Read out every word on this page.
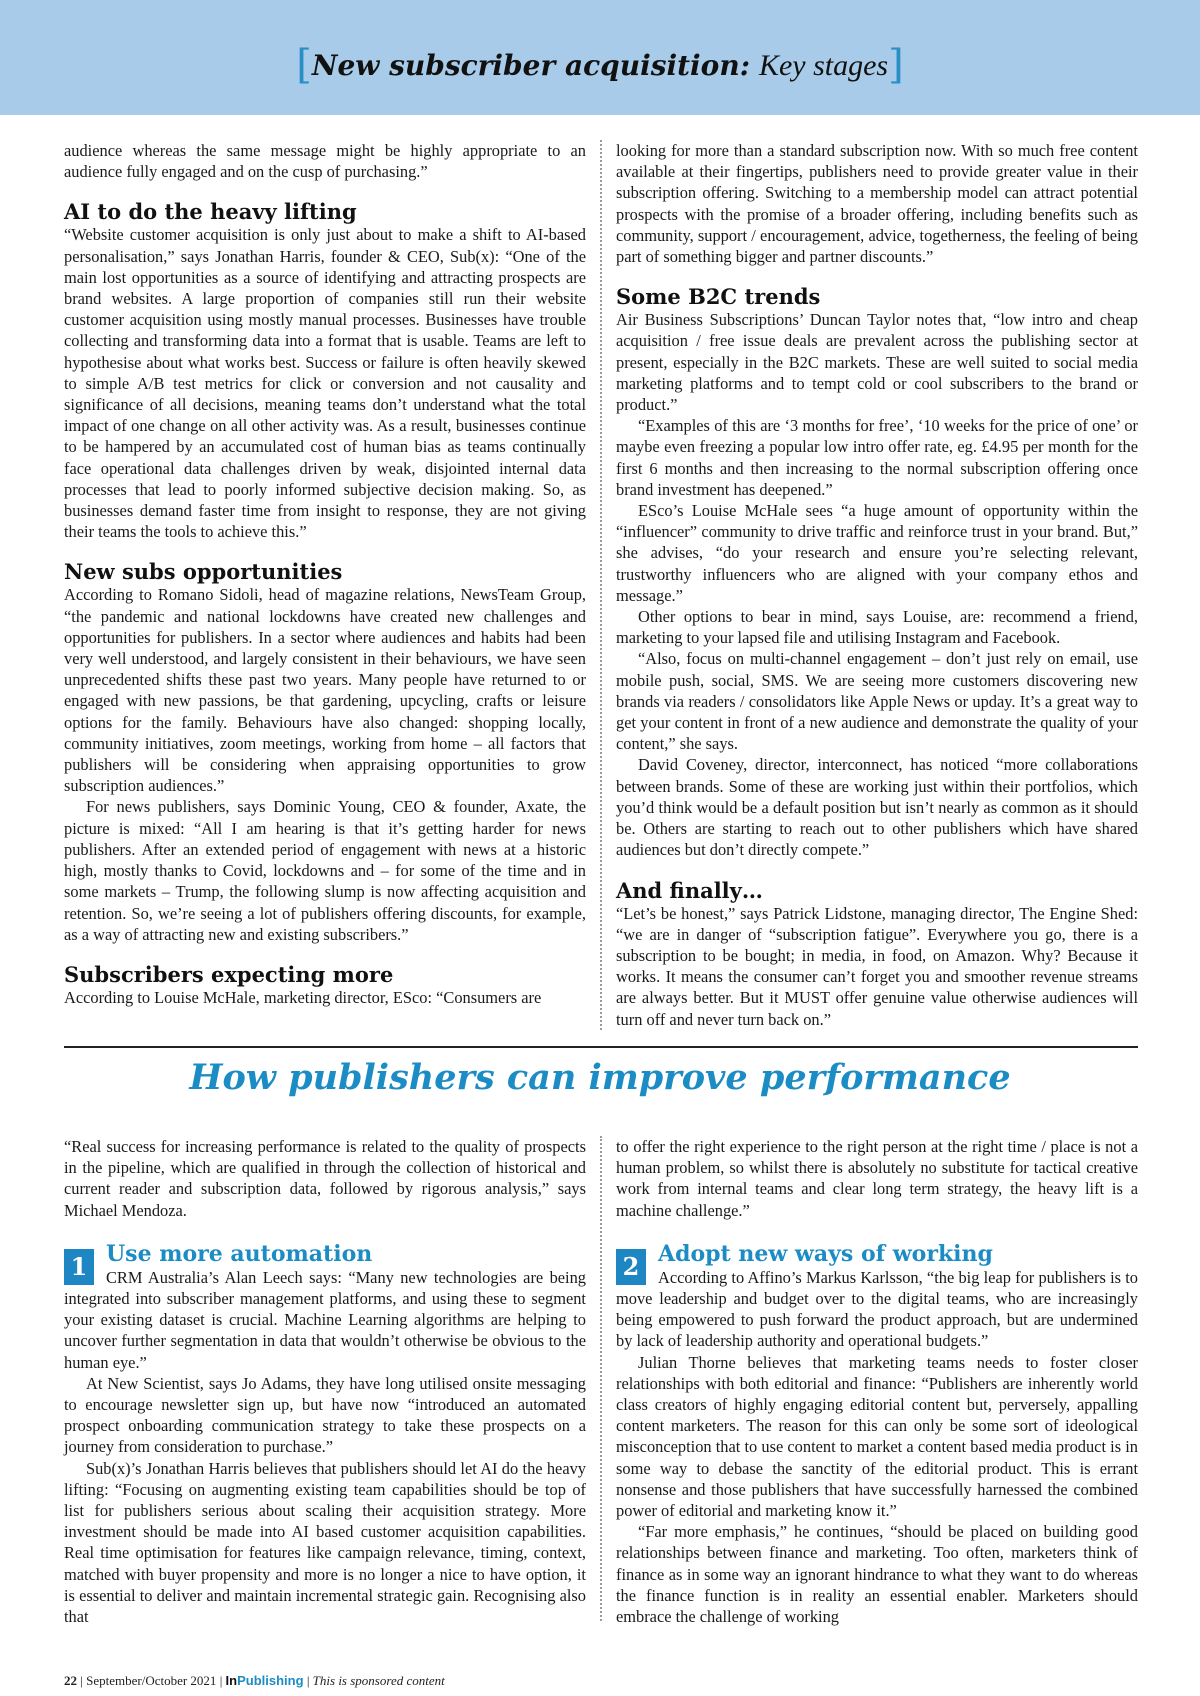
[New subscriber acquisition: Key stages]

audience whereas the same message might be highly appropriate to an audience fully engaged and on the cusp of purchasing.”

AI to do the heavy lifting

“Website customer acquisition is only just about to make a shift to AI-based personalisation,” says Jonathan Harris, founder & CEO, Sub(x): “One of the main lost opportunities as a source of identifying and attracting prospects are brand websites. A large proportion of companies still run their website customer acquisition using mostly manual processes. Businesses have trouble collecting and transforming data into a format that is usable. Teams are left to hypothesise about what works best. Success or failure is often heavily skewed to simple A/B test metrics for click or conversion and not causality and significance of all decisions, meaning teams don’t understand what the total impact of one change on all other activity was. As a result, businesses continue to be hampered by an accumulated cost of human bias as teams continually face operational data challenges driven by weak, disjointed internal data processes that lead to poorly informed subjective decision making. So, as businesses demand faster time from insight to response, they are not giving their teams the tools to achieve this.”

New subs opportunities

According to Romano Sidoli, head of magazine relations, NewsTeam Group, “the pandemic and national lockdowns have created new challenges and opportunities for publishers. In a sector where audiences and habits had been very well understood, and largely consistent in their behaviours, we have seen unprecedented shifts these past two years. Many people have returned to or engaged with new passions, be that gardening, upcycling, crafts or leisure options for the family. Behaviours have also changed: shopping locally, community initiatives, zoom meetings, working from home – all factors that publishers will be considering when appraising opportunities to grow subscription audiences.”

For news publishers, says Dominic Young, CEO & founder, Axate, the picture is mixed: “All I am hearing is that it’s getting harder for news publishers. After an extended period of engagement with news at a historic high, mostly thanks to Covid, lockdowns and – for some of the time and in some markets – Trump, the following slump is now affecting acquisition and retention. So, we’re seeing a lot of publishers offering discounts, for example, as a way of attracting new and existing subscribers.”

Subscribers expecting more

According to Louise McHale, marketing director, ESco: “Consumers are

looking for more than a standard subscription now. With so much free content available at their fingertips, publishers need to provide greater value in their subscription offering. Switching to a membership model can attract potential prospects with the promise of a broader offering, including benefits such as community, support / encouragement, advice, togetherness, the feeling of being part of something bigger and partner discounts.”

Some B2C trends

Air Business Subscriptions’ Duncan Taylor notes that, “low intro and cheap acquisition / free issue deals are prevalent across the publishing sector at present, especially in the B2C markets. These are well suited to social media marketing platforms and to tempt cold or cool subscribers to the brand or product.”

“Examples of this are ‘3 months for free’, ‘10 weeks for the price of one’ or maybe even freezing a popular low intro offer rate, eg. £4.95 per month for the first 6 months and then increasing to the normal subscription offering once brand investment has deepened.”

ESco’s Louise McHale sees “a huge amount of opportunity within the “influencer” community to drive traffic and reinforce trust in your brand. But,” she advises, “do your research and ensure you’re selecting relevant, trustworthy influencers who are aligned with your company ethos and message.”

Other options to bear in mind, says Louise, are: recommend a friend, marketing to your lapsed file and utilising Instagram and Facebook.

“Also, focus on multi-channel engagement – don’t just rely on email, use mobile push, social, SMS. We are seeing more customers discovering new brands via readers / consolidators like Apple News or upday. It’s a great way to get your content in front of a new audience and demonstrate the quality of your content,” she says.

David Coveney, director, interconnect, has noticed “more collaborations between brands. Some of these are working just within their portfolios, which you’d think would be a default position but isn’t nearly as common as it should be. Others are starting to reach out to other publishers which have shared audiences but don’t directly compete.”

And finally…

“Let’s be honest,” says Patrick Lidstone, managing director, The Engine Shed: “we are in danger of “subscription fatigue”. Everywhere you go, there is a subscription to be bought; in media, in food, on Amazon. Why? Because it works. It means the consumer can’t forget you and smoother revenue streams are always better. But it MUST offer genuine value otherwise audiences will turn off and never turn back on.”

How publishers can improve performance

“Real success for increasing performance is related to the quality of prospects in the pipeline, which are qualified in through the collection of historical and current reader and subscription data, followed by rigorous analysis,” says Michael Mendoza.

1 Use more automation

CRM Australia’s Alan Leech says: “Many new technologies are being integrated into subscriber management platforms, and using these to segment your existing dataset is crucial. Machine Learning algorithms are helping to uncover further segmentation in data that wouldn’t otherwise be obvious to the human eye.”

At New Scientist, says Jo Adams, they have long utilised onsite messaging to encourage newsletter sign up, but have now “introduced an automated prospect onboarding communication strategy to take these prospects on a journey from consideration to purchase.”

Sub(x)’s Jonathan Harris believes that publishers should let AI do the heavy lifting: “Focusing on augmenting existing team capabilities should be top of list for publishers serious about scaling their acquisition strategy. More investment should be made into AI based customer acquisition capabilities. Real time optimisation for features like campaign relevance, timing, context, matched with buyer propensity and more is no longer a nice to have option, it is essential to deliver and maintain incremental strategic gain. Recognising also that

to offer the right experience to the right person at the right time / place is not a human problem, so whilst there is absolutely no substitute for tactical creative work from internal teams and clear long term strategy, the heavy lift is a machine challenge.”

2 Adopt new ways of working

According to Affino’s Markus Karlsson, “the big leap for publishers is to move leadership and budget over to the digital teams, who are increasingly being empowered to push forward the product approach, but are undermined by lack of leadership authority and operational budgets.”

Julian Thorne believes that marketing teams needs to foster closer relationships with both editorial and finance: “Publishers are inherently world class creators of highly engaging editorial content but, perversely, appalling content marketers. The reason for this can only be some sort of ideological misconception that to use content to market a content based media product is in some way to debase the sanctity of the editorial product. This is errant nonsense and those publishers that have successfully harnessed the combined power of editorial and marketing know it.”

“Far more emphasis,” he continues, “should be placed on building good relationships between finance and marketing. Too often, marketers think of finance as in some way an ignorant hindrance to what they want to do whereas the finance function is in reality an essential enabler. Marketers should embrace the challenge of working

22 | September/October 2021 | InPublishing | This is sponsored content
